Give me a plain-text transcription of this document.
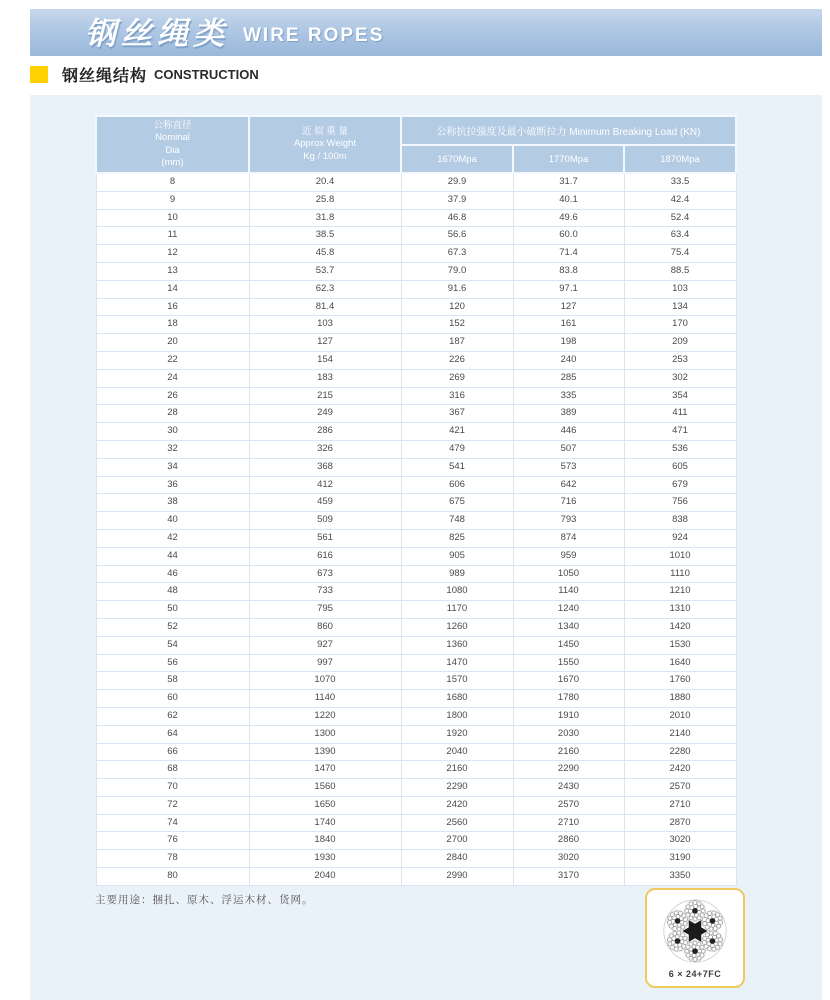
钢丝绳类 WIRE ROPES
钢丝绳结构 CONSTRUCTION
公称直径
Nominal
Dia
(mm)

近 似 重 量
Approx Weight
Kg / 100m
	公称抗拉强度及最小破断拉力 Minimum Breaking Load (KN)
		1670Mpa	1770Mpa	1870Mpa
8	20.4	29.9	31.7	33.5
9	25.8	37.9	40.1	42.4
10	31.8	46.8	49.6	52.4
11	38.5	56.6	60.0	63.4
12	45.8	67.3	71.4	75.4
13	53.7	79.0	83.8	88.5
14	62.3	91.6	97.1	103
16	81.4	120	127	134
18	103	152	161	170
20	127	187	198	209
22	154	226	240	253
24	183	269	285	302
26	215	316	335	354
28	249	367	389	411
30	286	421	446	471
32	326	479	507	536
34	368	541	573	605
36	412	606	642	679
38	459	675	716	756
40	509	748	793	838
42	561	825	874	924
44	616	905	959	1010
46	673	989	1050	1110
48	733	1080	1140	1210
50	795	1170	1240	1310
52	860	1260	1340	1420
54	927	1360	1450	1530
56	997	1470	1550	1640
58	1070	1570	1670	1760
60	1140	1680	1780	1880
62	1220	1800	1910	2010
64	1300	1920	2030	2140
66	1390	2040	2160	2280
68	1470	2160	2290	2420
70	1560	2290	2430	2570
72	1650	2420	2570	2710
74	1740	2560	2710	2870
76	1840	2700	2860	3020
78	1930	2840	3020	3190
80	2040	2990	3170	3350
主要用途：捆扎、原木、浮运木材、货网。
6 × 24+7FC
